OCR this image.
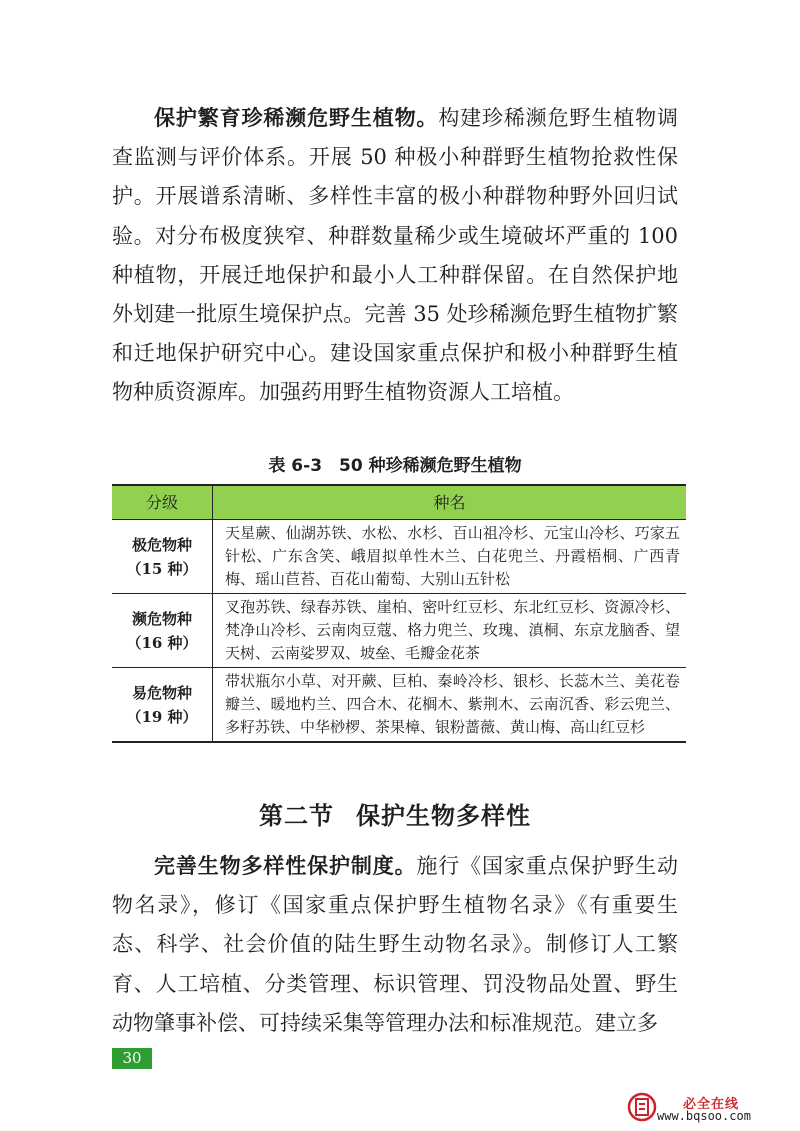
保护繁育珍稀濒危野生植物。构建珍稀濒危野生植物调查监测与评价体系。开展 50 种极小种群野生植物抢救性保护。开展谱系清晰、多样性丰富的极小种群物种野外回归试验。对分布极度狭窄、种群数量稀少或生境破坏严重的 100 种植物，开展迁地保护和最小人工种群保留。在自然保护地外划建一批原生境保护点。完善 35 处珍稀濒危野生植物扩繁和迁地保护研究中心。建设国家重点保护和极小种群野生植物种质资源库。加强药用野生植物资源人工培植。

表 6-3　50 种珍稀濒危野生植物
分级	种名

极危物种
（15 种）	天星蕨、仙湖苏铁、水松、水杉、百山祖冷杉、元宝山冷杉、巧家五针松、广东含笑、峨眉拟单性木兰、白花兜兰、丹霞梧桐、广西青梅、瑶山苣苔、百花山葡萄、大别山五针松

濒危物种
（16 种）	叉孢苏铁、绿春苏铁、崖柏、密叶红豆杉、东北红豆杉、资源冷杉、梵净山冷杉、云南肉豆蔻、格力兜兰、玫瑰、滇桐、东京龙脑香、望天树、云南娑罗双、坡垒、毛瓣金花茶

易危物种
（19 种）	带状瓶尔小草、对开蕨、巨柏、秦岭冷杉、银杉、长蕊木兰、美花卷瓣兰、暖地杓兰、四合木、花榈木、紫荆木、云南沉香、彩云兜兰、多籽苏铁、中华桫椤、茶果樟、银粉蔷薇、黄山梅、高山红豆杉
第二节 保护生物多样性

完善生物多样性保护制度。施行《国家重点保护野生动物名录》，修订《国家重点保护野生植物名录》《有重要生态、科学、社会价值的陆生野生动物名录》。制修订人工繁育、人工培植、分类管理、标识管理、罚没物品处置、野生动物肇事补偿、可持续采集等管理办法和标准规范。建立多

30
必全在线
www.bqsoo.com
